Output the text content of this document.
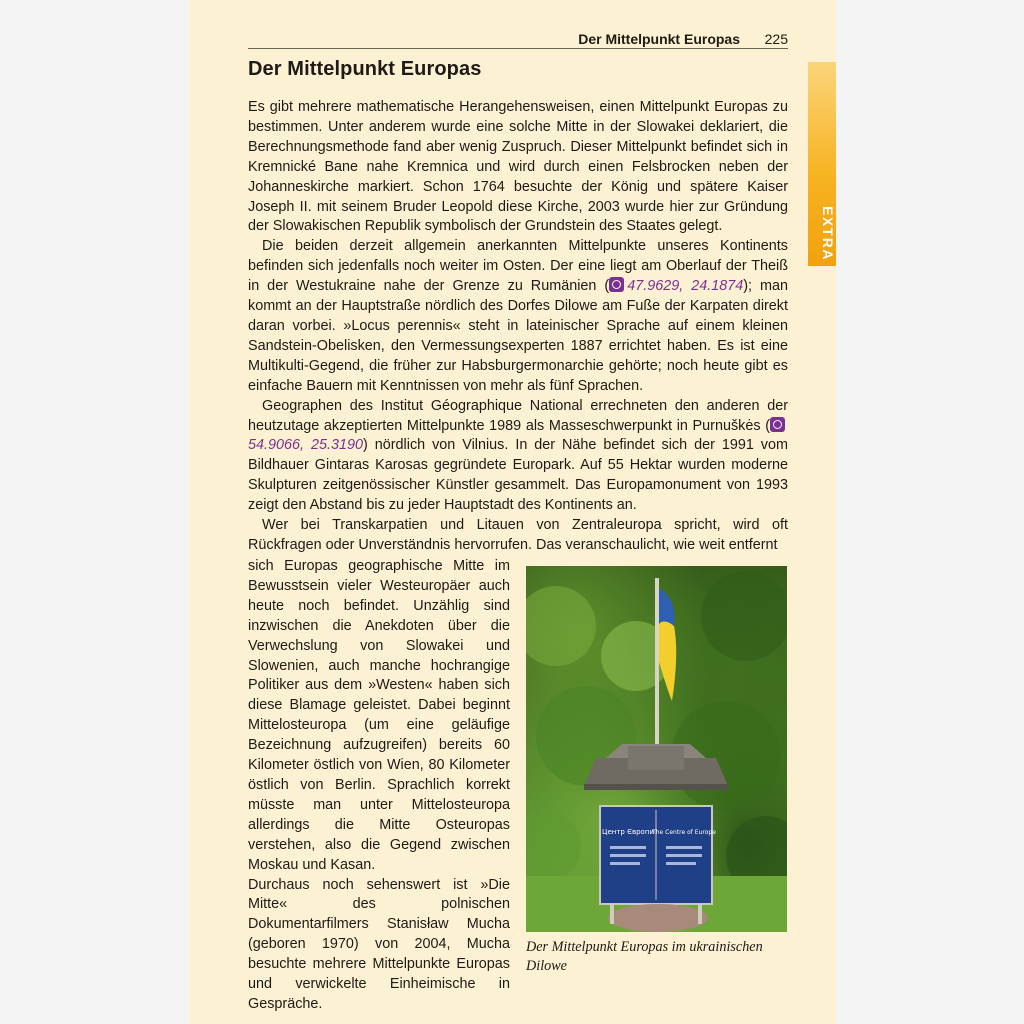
Der Mittelpunkt Europas 225
EXTRA
Der Mittelpunkt Europas

Es gibt mehrere mathematische Herangehensweisen, einen Mittelpunkt Europas zu bestimmen. Unter anderem wurde eine solche Mitte in der Slowakei deklariert, die Berechnungsmethode fand aber wenig Zuspruch. Dieser Mittelpunkt befindet sich in Kremnické Bane nahe Kremnica und wird durch einen Felsbrocken neben der Johanneskirche markiert. Schon 1764 besuchte der König und spätere Kaiser Joseph II. mit seinem Bruder Leopold diese Kirche, 2003 wurde hier zur Gründung der Slowakischen Republik symbolisch der Grundstein des Staates gelegt.

Die beiden derzeit allgemein anerkannten Mittelpunkte unseres Kontinents befinden sich jedenfalls noch weiter im Osten. Der eine liegt am Oberlauf der Theiß in der Westukraine nahe der Grenze zu Rumänien ( 47.9629, 24.1874); man kommt an der Hauptstraße nördlich des Dorfes Dilowe am Fuße der Karpaten direkt daran vorbei. »Locus perennis« steht in lateinischer Sprache auf einem kleinen Sandstein-Obelisken, den Vermessungsexperten 1887 errichtet haben. Es ist eine Multikulti-Gegend, die früher zur Habsburgermonarchie gehörte; noch heute gibt es einfache Bauern mit Kenntnissen von mehr als fünf Sprachen.

Geographen des Institut Géographique National errechneten den anderen der heutzutage akzeptierten Mittelpunkte 1989 als Masseschwerpunkt in Purnuškės (54.9066, 25.3190) nördlich von Vilnius. In der Nähe befindet sich der 1991 vom Bildhauer Gintaras Karosas gegründete Europark. Auf 55 Hektar wurden moderne Skulpturen zeitgenössischer Künstler gesammelt. Das Europamonument von 1993 zeigt den Abstand bis zu jeder Hauptstadt des Kontinents an.

Wer bei Transkarpatien und Litauen von Zentraleuropa spricht, wird oft Rückfragen oder Unverständnis hervorrufen. Das veranschaulicht, wie weit entfernt

sich Europas geographische Mitte im Bewusstsein vieler Westeuropäer auch heute noch befindet. Unzählig sind inzwischen die Anekdoten über die Verwechslung von Slowakei und Slowenien, auch manche hochrangige Politiker aus dem »Westen« haben sich diese Blamage geleistet. Dabei beginnt Mittelosteuropa (um eine geläufige Bezeichnung aufzugreifen) bereits 60 Kilometer östlich von Wien, 80 Kilometer östlich von Berlin. Sprachlich korrekt müsste man unter Mittelosteuropa allerdings die Mitte Osteuropas verstehen, also die Gegend zwischen Moskau und Kasan.

Durchaus noch sehenswert ist »Die Mitte« des polnischen Dokumentarfilmers Stanisław Mucha (geboren 1970) von 2004, Mucha besuchte mehrere Mittelpunkte Europas und verwickelte Einheimische in Gespräche.

Центр Європи
The Centre of Europe
Der Mittelpunkt Europas im ukrainischen Dilowe
